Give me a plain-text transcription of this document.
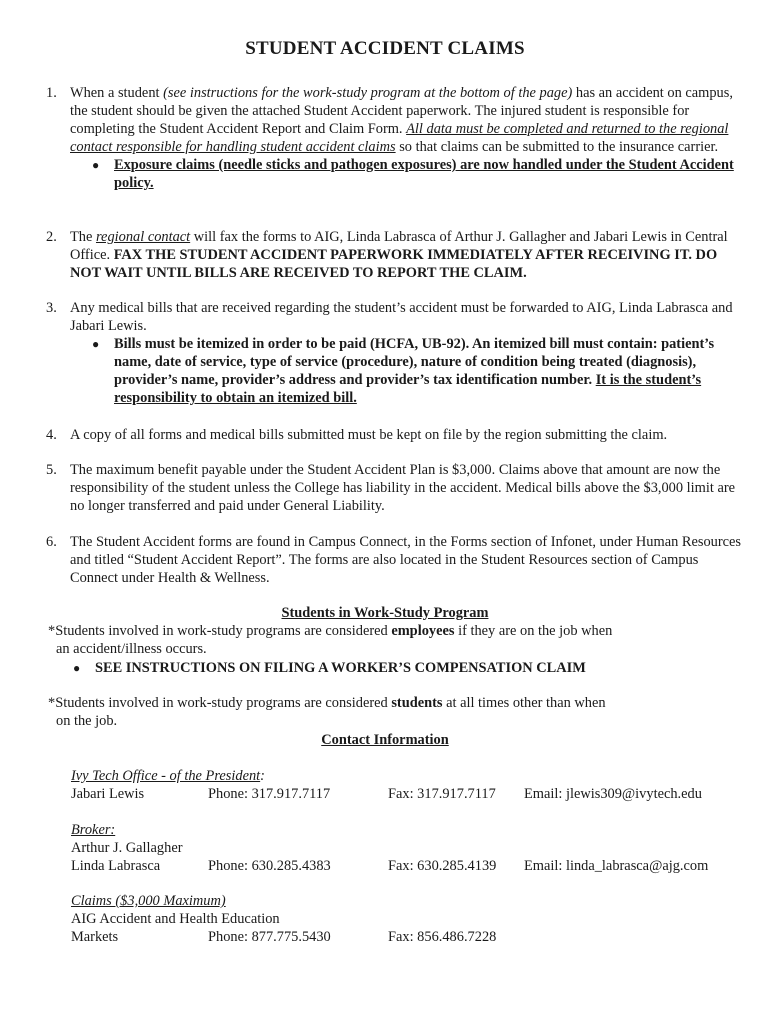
STUDENT ACCIDENT CLAIMS
1. When a student (see instructions for the work-study program at the bottom of the page) has an accident on campus, the student should be given the attached Student Accident paperwork. The injured student is responsible for completing the Student Accident Report and Claim Form. All data must be completed and returned to the regional contact responsible for handling student accident claims so that claims can be submitted to the insurance carrier.
● Exposure claims (needle sticks and pathogen exposures) are now handled under the Student Accident policy.
2. The regional contact will fax the forms to AIG, Linda Labrasca of Arthur J. Gallagher and Jabari Lewis in Central Office. FAX THE STUDENT ACCIDENT PAPERWORK IMMEDIATELY AFTER RECEIVING IT. DO NOT WAIT UNTIL BILLS ARE RECEIVED TO REPORT THE CLAIM.
3. Any medical bills that are received regarding the student’s accident must be forwarded to AIG, Linda Labrasca and Jabari Lewis.
● Bills must be itemized in order to be paid (HCFA, UB-92). An itemized bill must contain: patient’s name, date of service, type of service (procedure), nature of condition being treated (diagnosis), provider’s name, provider’s address and provider’s tax identification number. It is the student’s responsibility to obtain an itemized bill.
4. A copy of all forms and medical bills submitted must be kept on file by the region submitting the claim.
5. The maximum benefit payable under the Student Accident Plan is $3,000. Claims above that amount are now the responsibility of the student unless the College has liability in the accident. Medical bills above the $3,000 limit are no longer transferred and paid under General Liability.
6. The Student Accident forms are found in Campus Connect, in the Forms section of Infonet, under Human Resources and titled “Student Accident Report”. The forms are also located in the Student Resources section of Campus Connect under Health & Wellness.
Students in Work-Study Program
*Students involved in work-study programs are considered employees if they are on the job when
an accident/illness occurs.
● SEE INSTRUCTIONS ON FILING A WORKER’S COMPENSATION CLAIM
*Students involved in work-study programs are considered students at all times other than when
on the job.
Contact Information
Ivy Tech Office - of the President:
Jabari Lewis	Phone: 317.917.7117	Fax: 317.917.7117 Email: jlewis309@ivytech.edu
Broker:
Arthur J. Gallagher
Linda Labrasca	Phone: 630.285.4383	Fax: 630.285.4139 Email: linda_labrasca@ajg.com
Claims ($3,000 Maximum)
AIG Accident and Health Education
Markets	Phone: 877.775.5430	Fax: 856.486.7228
